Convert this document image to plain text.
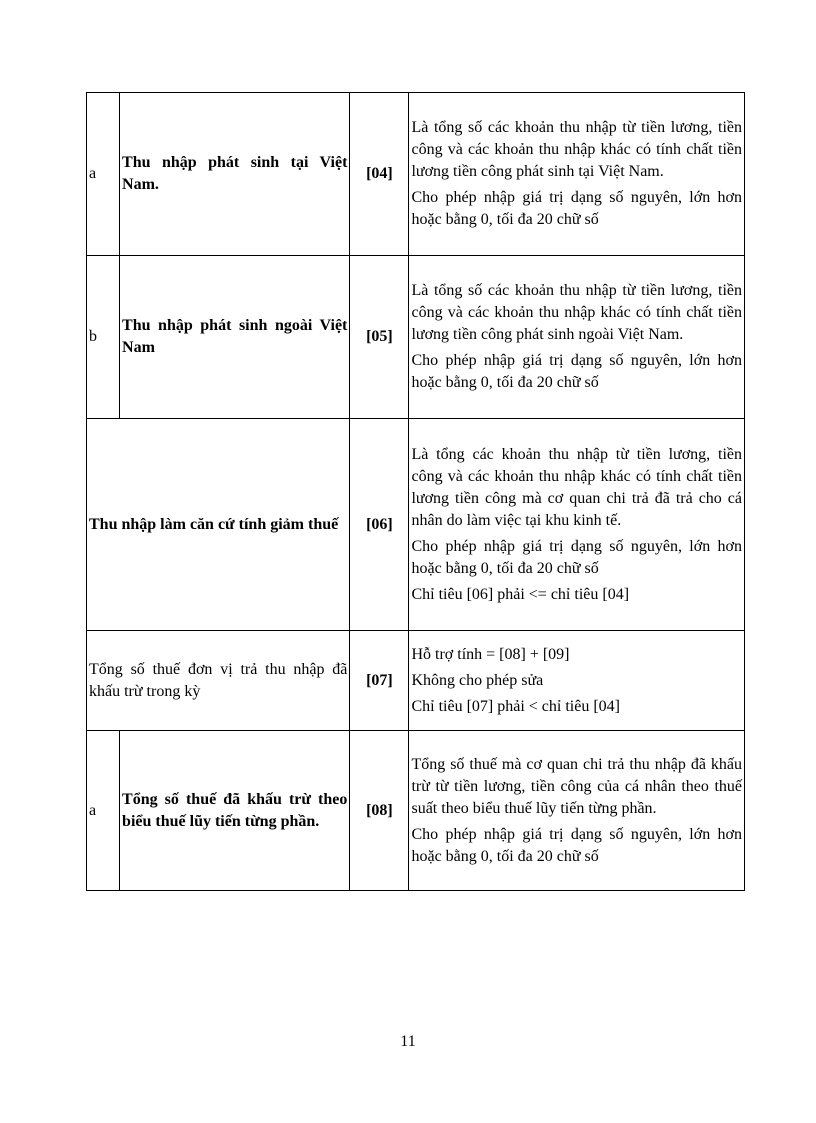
a	Thu nhập phát sinh tại Việt Nam.	[04]	Là tổng số các khoản thu nhập từ tiền lương, tiền công và các khoản thu nhập khác có tính chất tiền lương tiền công phát sinh tại Việt Nam.

Cho phép nhập giá trị dạng số nguyên, lớn hơn hoặc bằng 0, tối đa 20 chữ số

b	Thu nhập phát sinh ngoài Việt Nam	[05]	Là tổng số các khoản thu nhập từ tiền lương, tiền công và các khoản thu nhập khác có tính chất tiền lương tiền công phát sinh ngoài Việt Nam.

Cho phép nhập giá trị dạng số nguyên, lớn hơn hoặc bằng 0, tối đa 20 chữ số

Thu nhập làm căn cứ tính giảm thuế		[06]	Là tổng các khoản thu nhập từ tiền lương, tiền công và các khoản thu nhập khác có tính chất tiền lương tiền công mà cơ quan chi trả đã trả cho cá nhân do làm việc tại khu kinh tế.

Cho phép nhập giá trị dạng số nguyên, lớn hơn hoặc bằng 0, tối đa 20 chữ số

Chỉ tiêu [06] phải <= chỉ tiêu [04]

Tổng số thuế đơn vị trả thu nhập đã khấu trừ trong kỳ		[07]	Hỗ trợ tính = [08] + [09]

Không cho phép sửa

Chỉ tiêu [07] phải < chỉ tiêu [04]

a	Tổng số thuế đã khấu trừ theo biểu thuế lũy tiến từng phần.	[08]	Tổng số thuế mà cơ quan chi trả thu nhập đã khấu trừ từ tiền lương, tiền công của cá nhân theo thuế suất theo biểu thuế lũy tiến từng phần.

Cho phép nhập giá trị dạng số nguyên, lớn hơn hoặc bằng 0, tối đa 20 chữ số

11
